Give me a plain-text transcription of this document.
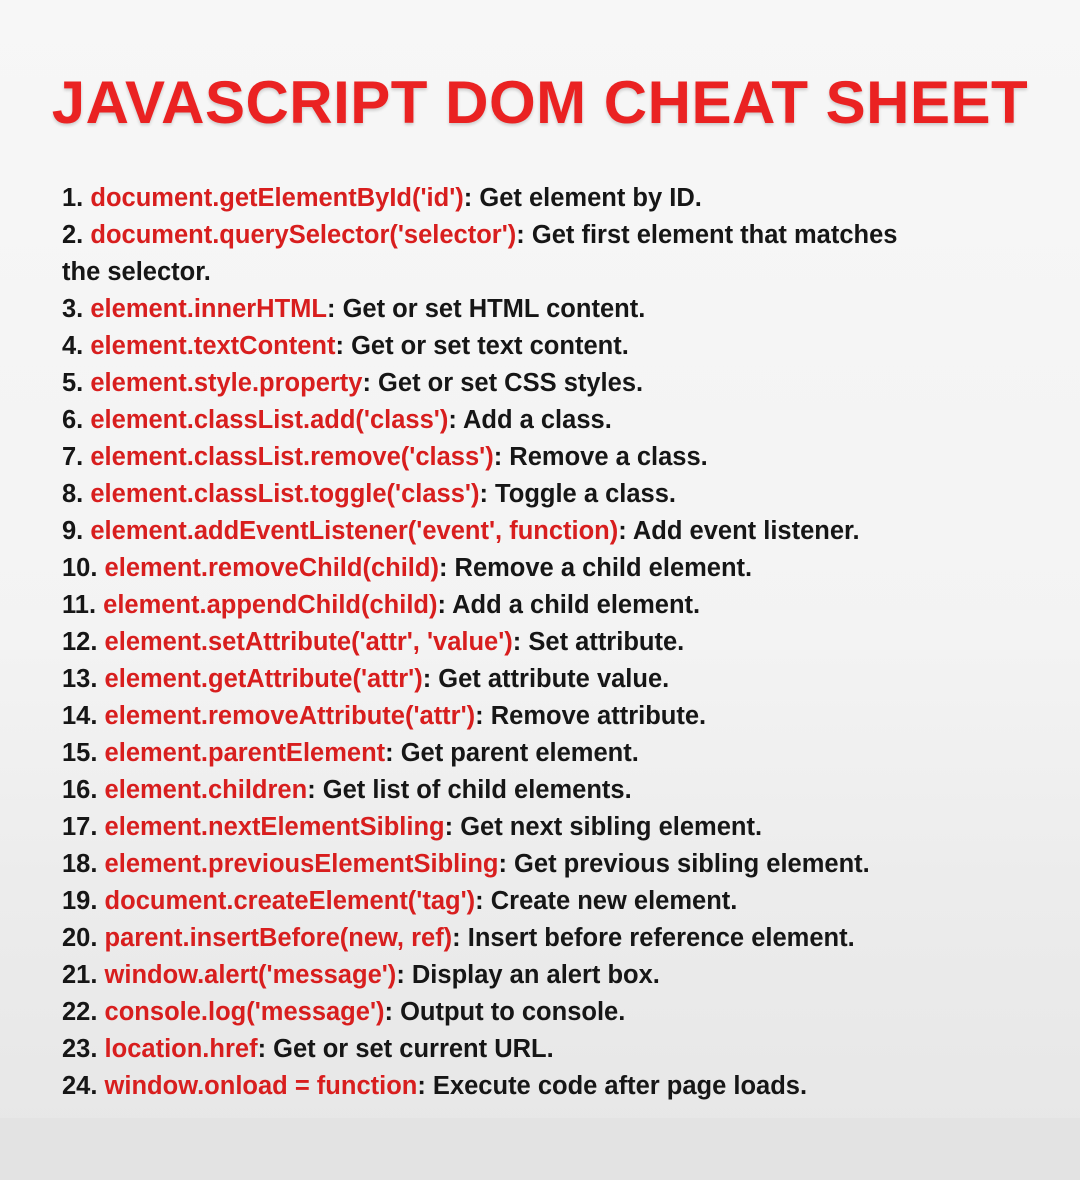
JAVASCRIPT DOM CHEAT SHEET
1. document.getElementById('id'): Get element by ID.
2. document.querySelector('selector'): Get first element that matches the selector.
3. element.innerHTML: Get or set HTML content.
4. element.textContent: Get or set text content.
5. element.style.property: Get or set CSS styles.
6. element.classList.add('class'): Add a class.
7. element.classList.remove('class'): Remove a class.
8. element.classList.toggle('class'): Toggle a class.
9. element.addEventListener('event', function): Add event listener.
10. element.removeChild(child): Remove a child element.
11. element.appendChild(child): Add a child element.
12. element.setAttribute('attr', 'value'): Set attribute.
13. element.getAttribute('attr'): Get attribute value.
14. element.removeAttribute('attr'): Remove attribute.
15. element.parentElement: Get parent element.
16. element.children: Get list of child elements.
17. element.nextElementSibling: Get next sibling element.
18. element.previousElementSibling: Get previous sibling element.
19. document.createElement('tag'): Create new element.
20. parent.insertBefore(new, ref): Insert before reference element.
21. window.alert('message'): Display an alert box.
22. console.log('message'): Output to console.
23. location.href: Get or set current URL.
24. window.onload = function: Execute code after page loads.
